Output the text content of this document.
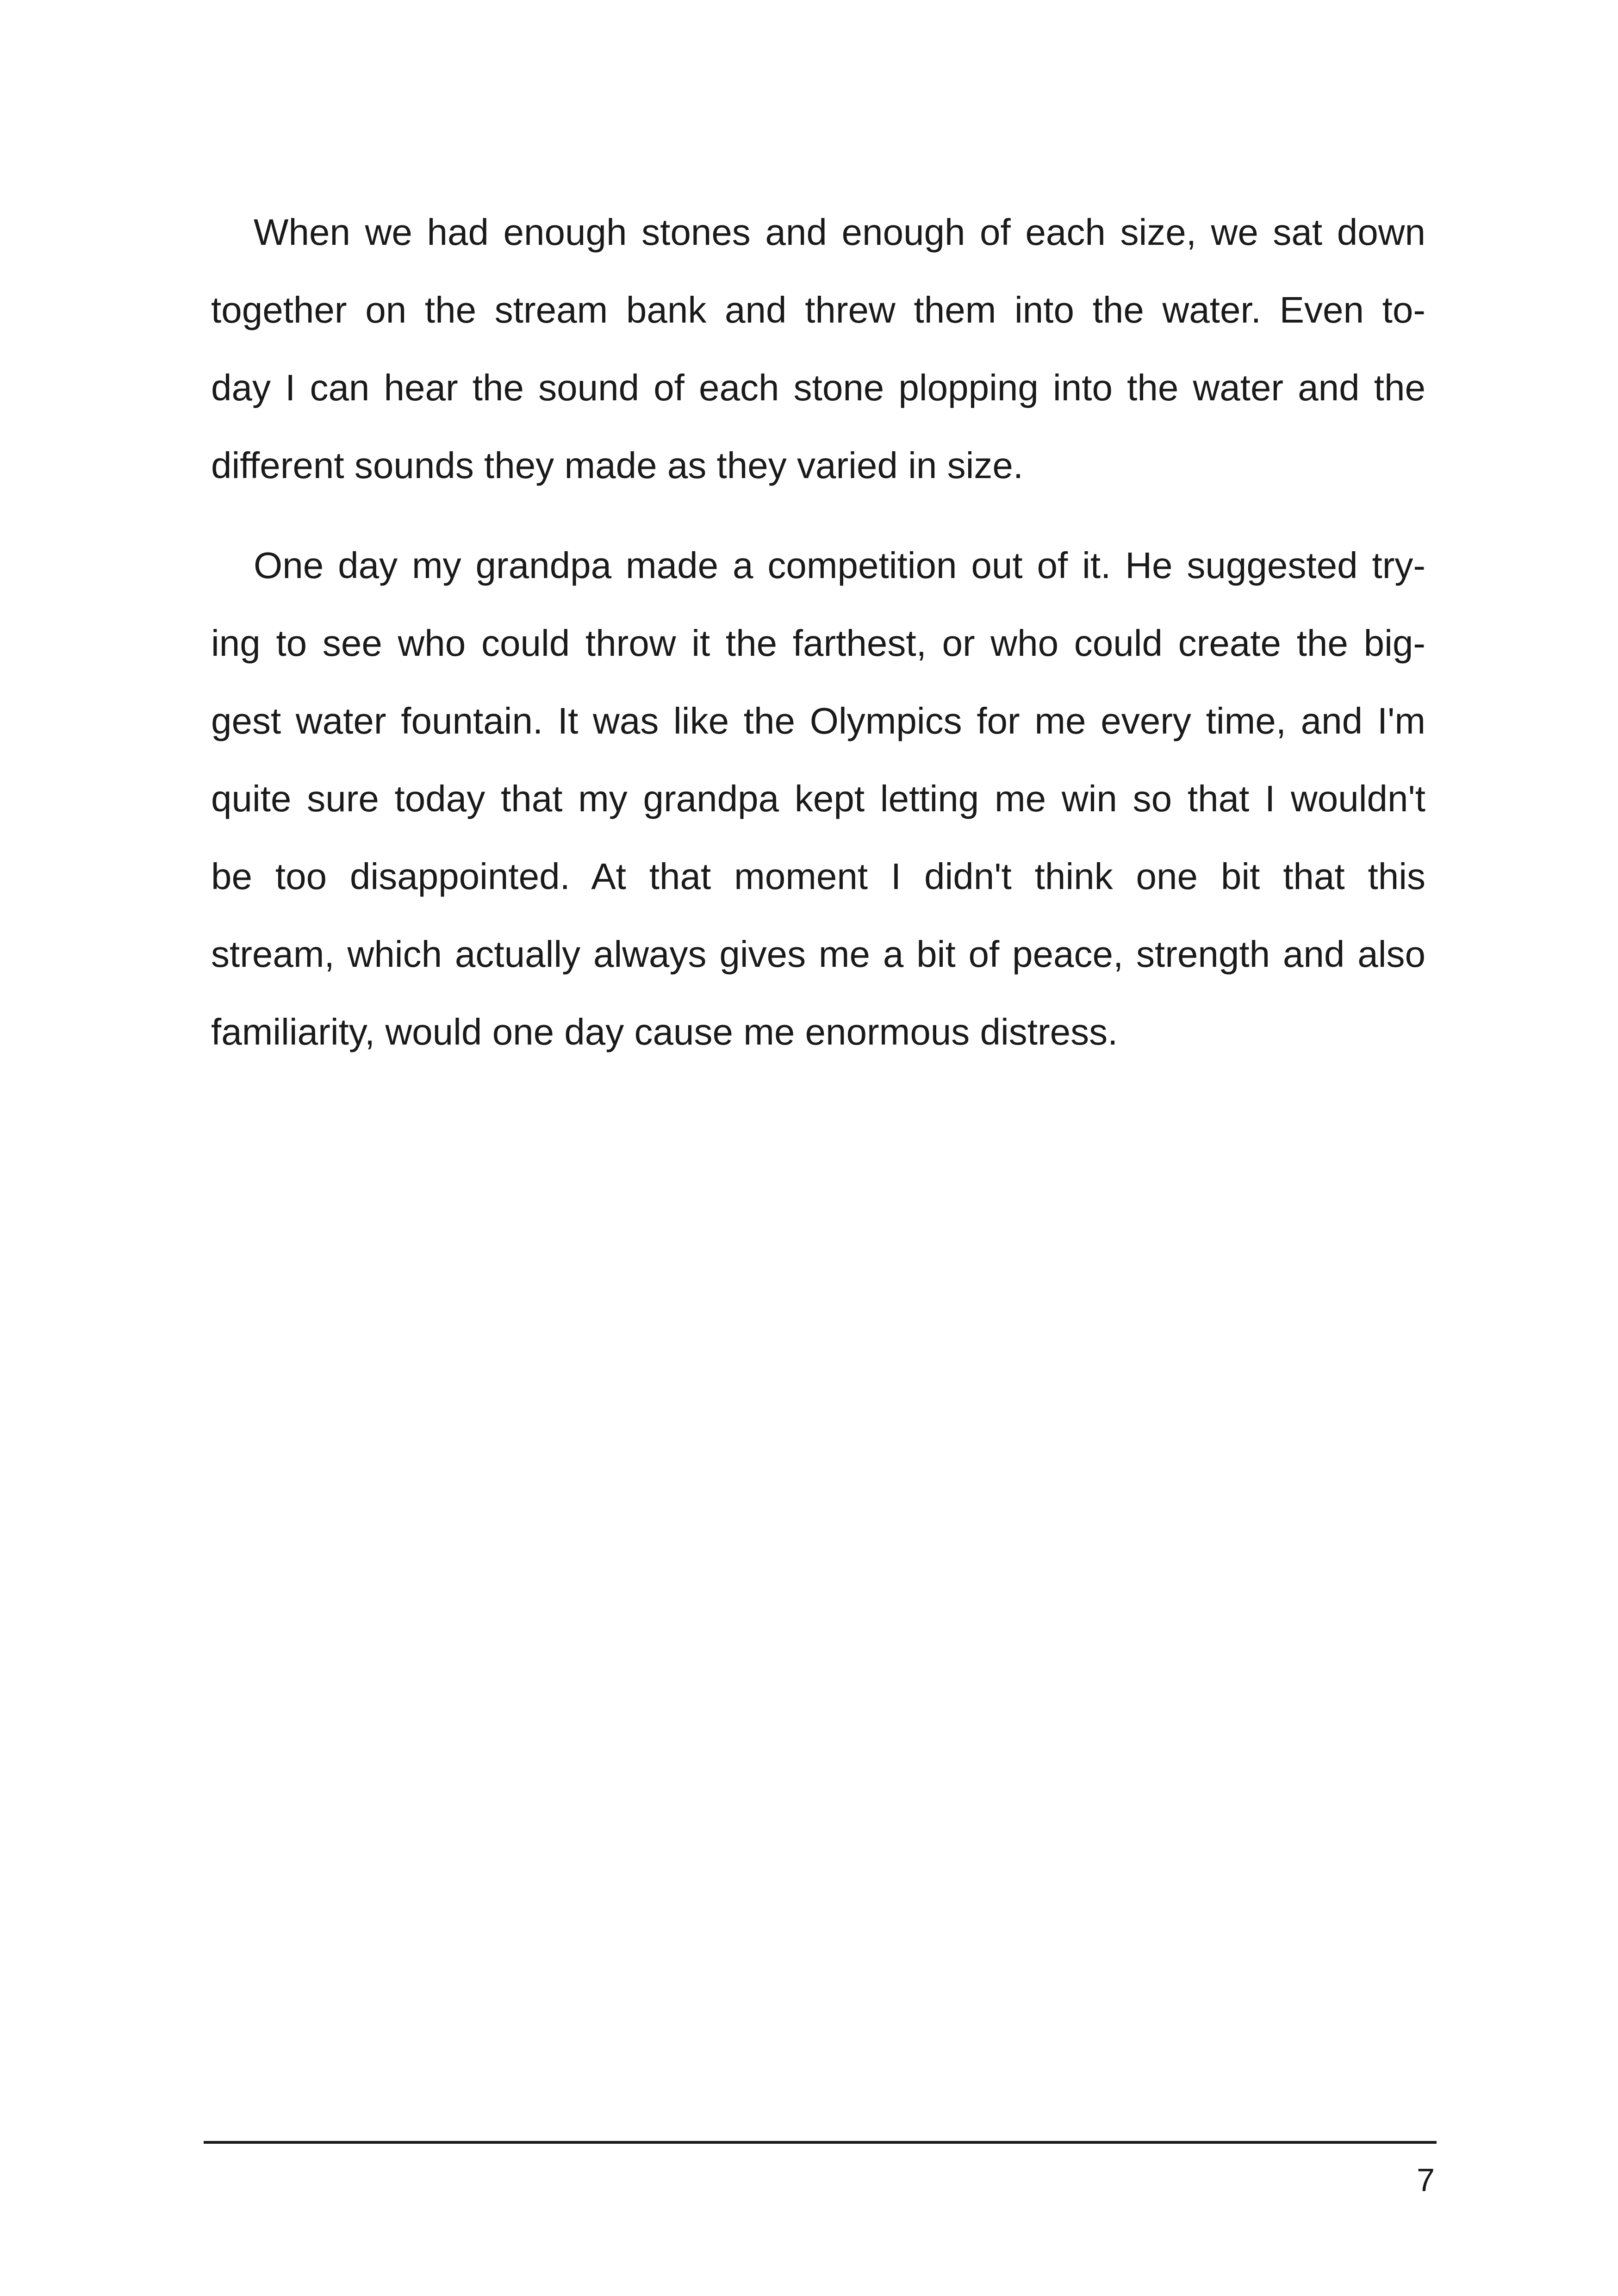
When we had enough stones and enough of each size, we sat down
together on the stream bank and threw them into the water. Even to-
day I can hear the sound of each stone plopping into the water and the
different sounds they made as they varied in size.
One day my grandpa made a competition out of it. He suggested try-
ing to see who could throw it the farthest, or who could create the big-
gest water fountain. It was like the Olympics for me every time, and I'm
quite sure today that my grandpa kept letting me win so that I wouldn't
be too disappointed. At that moment I didn't think one bit that this
stream, which actually always gives me a bit of peace, strength and also
familiarity, would one day cause me enormous distress.
7
